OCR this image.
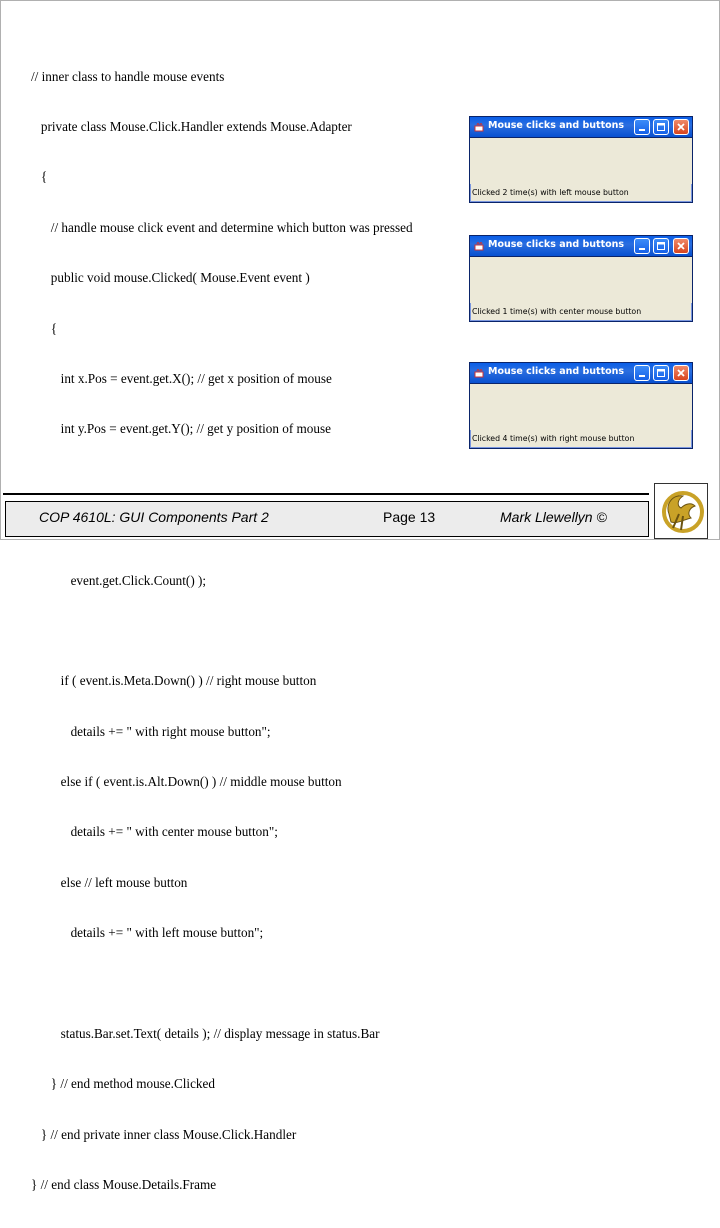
// inner class to handle mouse events

private class Mouse.Click.Handler extends Mouse.Adapter

{

// handle mouse click event and determine which button was pressed

public void mouse.Clicked( Mouse.Event event )

{

int x.Pos = event.get.X(); // get x position of mouse

int y.Pos = event.get.Y(); // get y position of mouse

event.get.Click.Count() );

if ( event.is.Meta.Down() ) // right mouse button

details += " with right mouse button";

else if ( event.is.Alt.Down() ) // middle mouse button

details += " with center mouse button";

else // left mouse button

details += " with left mouse button";

status.Bar.set.Text( details ); // display message in status.Bar

} // end method mouse.Clicked

} // end private inner class Mouse.Click.Handler

} // end class Mouse.Details.Frame

Mouse clicks and buttons
Clicked 2 time(s) with left mouse button
Mouse clicks and buttons
Clicked 1 time(s) with center mouse button
Mouse clicks and buttons
Clicked 4 time(s) with right mouse button
COP 4610L: GUI Components Part 2	Page 13	Mark Llewellyn ©
